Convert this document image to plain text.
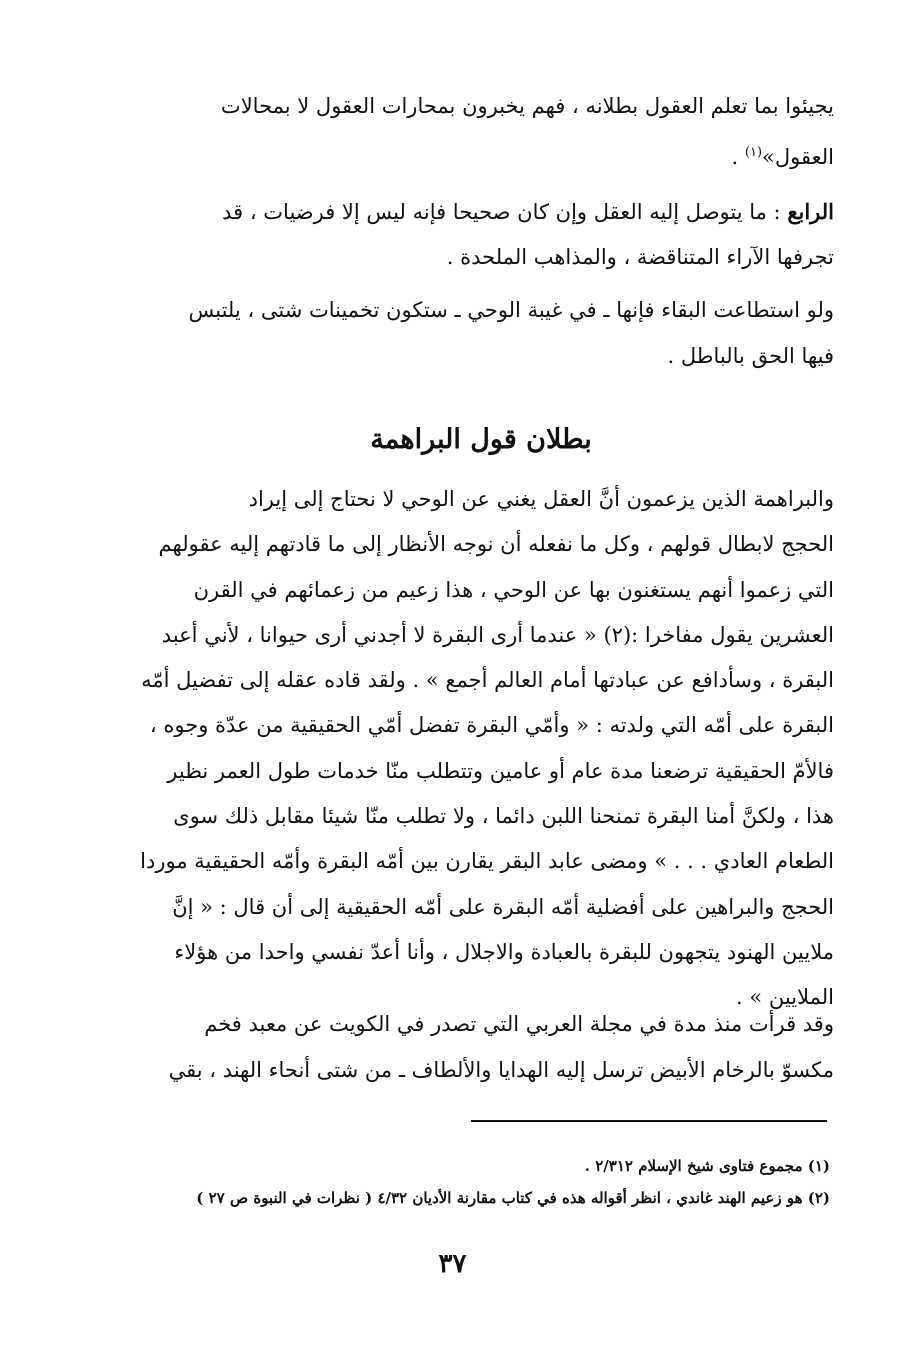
يجيئوا بما تعلم العقول بطلانه ، فهم يخبرون بمحارات العقول لا بمحالات
العقول»$^{(١)}$ .
الرابع : ما يتوصل إليه العقل وإن كان صحيحا فإنه ليس إلا فرضيات ، قد
تجرفها الآراء المتناقضة ، والمذاهب الملحدة .
ولو استطاعت البقاء فإنها ـ في غيبة الوحي ـ ستكون تخمينات شتى ، يلتبس
فيها الحق بالباطل .
بطلان قول البراهمة
والبراهمة الذين يزعمون أنَّ العقل يغني عن الوحي لا نحتاج إلى إيراد
الحجج لابطال قولهم ، وكل ما نفعله أن نوجه الأنظار إلى ما قادتهم إليه عقولهم
التي زعموا أنهم يستغنون بها عن الوحي ، هذا زعيم من زعمائهم في القرن
العشرين يقول مفاخرا :(٢) « عندما أرى البقرة لا أجدني أرى حيوانا ، لأني أعبد
البقرة ، وسأدافع عن عبادتها أمام العالم أجمع » . ولقد قاده عقله إلى تفضيل أمّه
البقرة على أمّه التي ولدته : « وأمّي البقرة تفضل أمّي الحقيقية من عدّة وجوه ،
فالأمّ الحقيقية ترضعنا مدة عام أو عامين وتتطلب منّا خدمات طول العمر نظير
هذا ، ولكنَّ أمنا البقرة تمنحنا اللبن دائما ، ولا تطلب منّا شيئا مقابل ذلك سوى
الطعام العادي . . . » ومضى عابد البقر يقارن بين أمّه البقرة وأمّه الحقيقية موردا
الحجج والبراهين على أفضلية أمّه البقرة على أمّه الحقيقية إلى أن قال : « إنَّ
ملايين الهنود يتجهون للبقرة بالعبادة والاجلال ، وأنا أعدّ نفسي واحدا من هؤلاء
الملايين » .
وقد قرأت منذ مدة في مجلة العربي التي تصدر في الكويت عن معبد فخم
مكسوّ بالرخام الأبيض ترسل إليه الهدايا والألطاف ـ من شتى أنحاء الهند ، بقي
(١) مجموع فتاوى شيخ الإسلام ٢/٣١٢ .
(٢) هو زعيم الهند غاندي ، انظر أقواله هذه في كتاب مقارنة الأديان ٤/٣٢ ( نظرات في النبوة ص ٢٧ )
٣٧
